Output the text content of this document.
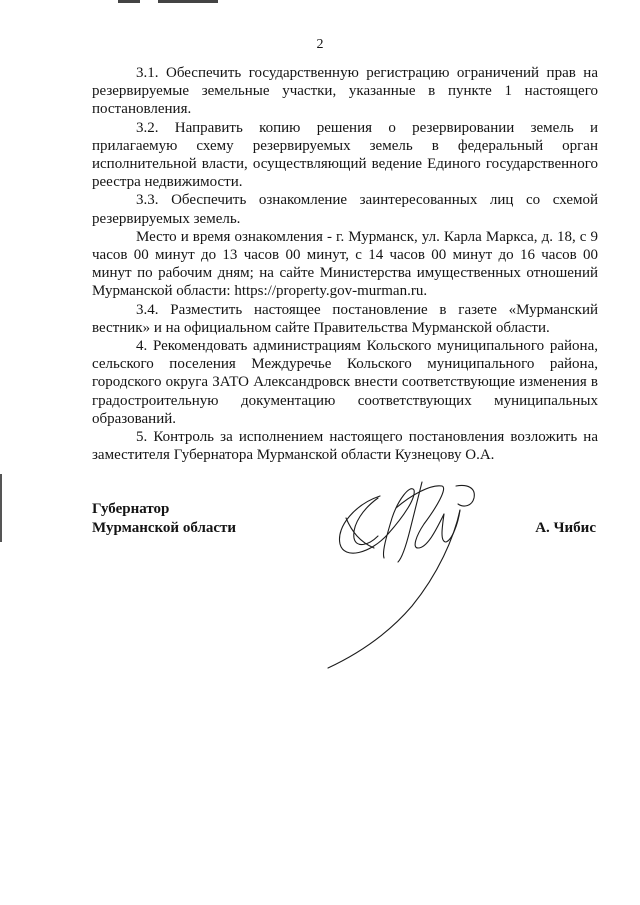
2

3.1. Обеспечить государственную регистрацию ограничений прав на резервируемые земельные участки, указанные в пункте 1 настоящего постановления.

3.2. Направить копию решения о резервировании земель и прилагаемую схему резервируемых земель в федеральный орган исполнительной власти, осуществляющий ведение Единого государственного реестра недвижимости.

3.3. Обеспечить ознакомление заинтересованных лиц со схемой резервируемых земель.

Место и время ознакомления - г. Мурманск, ул. Карла Маркса, д. 18, с 9 часов 00 минут до 13 часов 00 минут, с 14 часов 00 минут до 16 часов 00 минут по рабочим дням; на сайте Министерства имущественных отношений Мурманской области: https://property.gov-murman.ru.

3.4. Разместить настоящее постановление в газете «Мурманский вестник» и на официальном сайте Правительства Мурманской области.

4. Рекомендовать администрациям Кольского муниципального района, сельского поселения Междуречье Кольского муниципального района, городского округа ЗАТО Александровск внести соответствующие изменения в градостроительную документацию соответствующих муниципальных образований.

5. Контроль за исполнением настоящего постановления возложить на заместителя Губернатора Мурманской области Кузнецову О.А.

Губернатор
Мурманской области	А. Чибис
